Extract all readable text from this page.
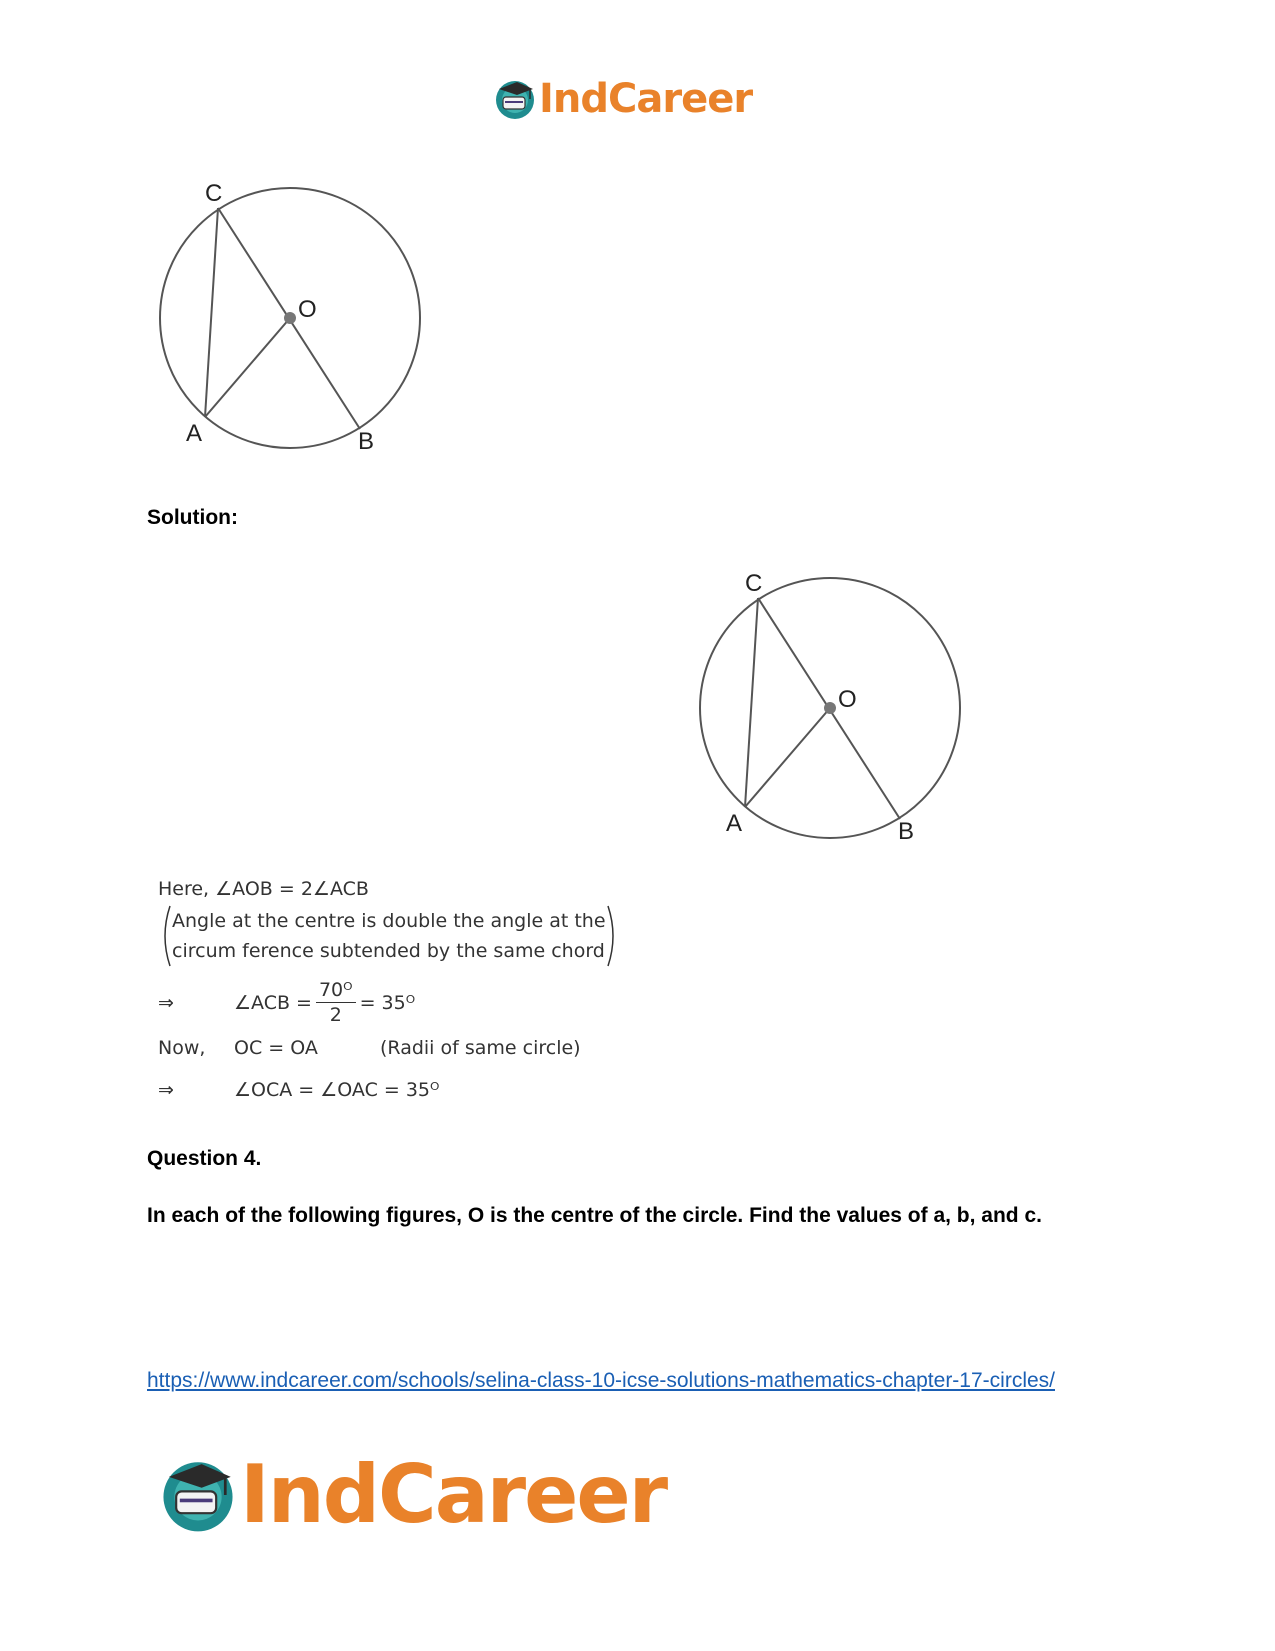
IndCareer
C
O
A	B
Solution:
C
O
A	B
Here, ∠AOB = 2∠ACB
Angle at the centre is double the angle at the
circum ference subtended by the same chord
⇒	∠ACB = $\frac{\text{70ᴼ}}{2}$ = 35ᴼ
Now,	OC = OA	(Radii of same circle)
⇒	∠OCA = ∠OAC = 35ᴼ
Question 4.
In each of the following figures, O is the centre of the circle. Find the values of a, b, and c.
https://www.indcareer.com/schools/selina-class-10-icse-solutions-mathematics-chapter-17-circles/
IndCareer
